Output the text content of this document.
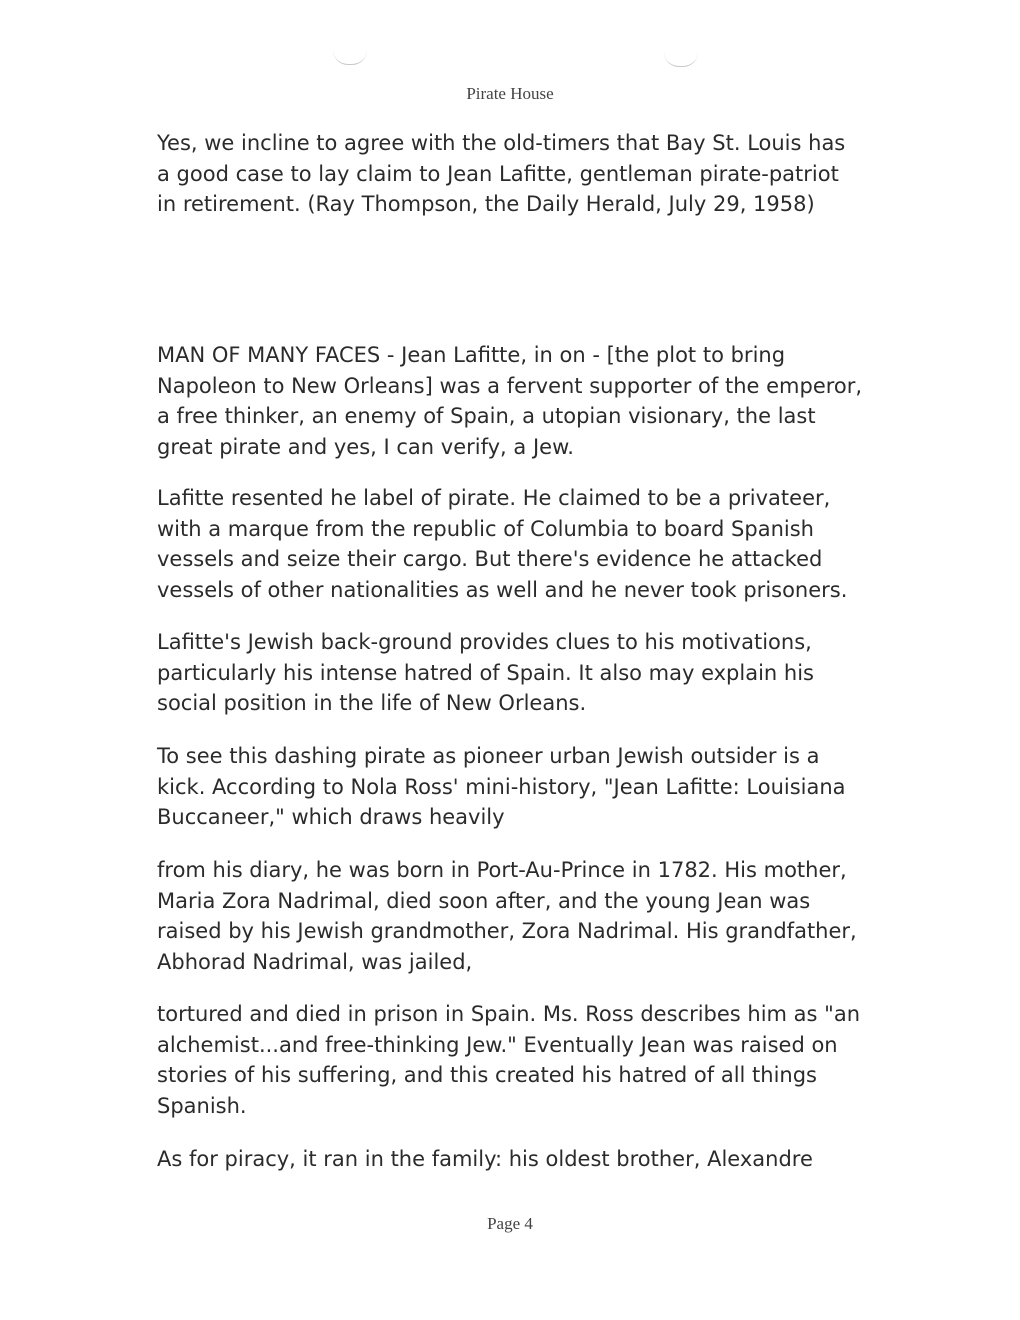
Pirate House

Yes, we incline to agree with the old-timers that Bay St. Louis has
a good case to lay claim to Jean Lafitte, gentleman pirate-patriot
in retirement. (Ray Thompson, the Daily Herald, July 29, 1958)

MAN OF MANY FACES - Jean Lafitte, in on - [the plot to bring
Napoleon to New Orleans] was a fervent supporter of the emperor,
a free thinker, an enemy of Spain, a utopian visionary, the last
great pirate and yes, I can verify, a Jew.

Lafitte resented he label of pirate. He claimed to be a privateer,
with a marque from the republic of Columbia to board Spanish
vessels and seize their cargo. But there's evidence he attacked
vessels of other nationalities as well and he never took prisoners.

Lafitte's Jewish back-ground provides clues to his motivations,
particularly his intense hatred of Spain. It also may explain his
social position in the life of New Orleans.

To see this dashing pirate as pioneer urban Jewish outsider is a
kick. According to Nola Ross' mini-history, "Jean Lafitte: Louisiana
Buccaneer," which draws heavily

from his diary, he was born in Port-Au-Prince in 1782. His mother,
Maria Zora Nadrimal, died soon after, and the young Jean was
raised by his Jewish grandmother, Zora Nadrimal. His grandfather,
Abhorad Nadrimal, was jailed,

tortured and died in prison in Spain. Ms. Ross describes him as "an
alchemist...and free-thinking Jew." Eventually Jean was raised on
stories of his suffering, and this created his hatred of all things
Spanish.

As for piracy, it ran in the family: his oldest brother, Alexandre

Page 4
